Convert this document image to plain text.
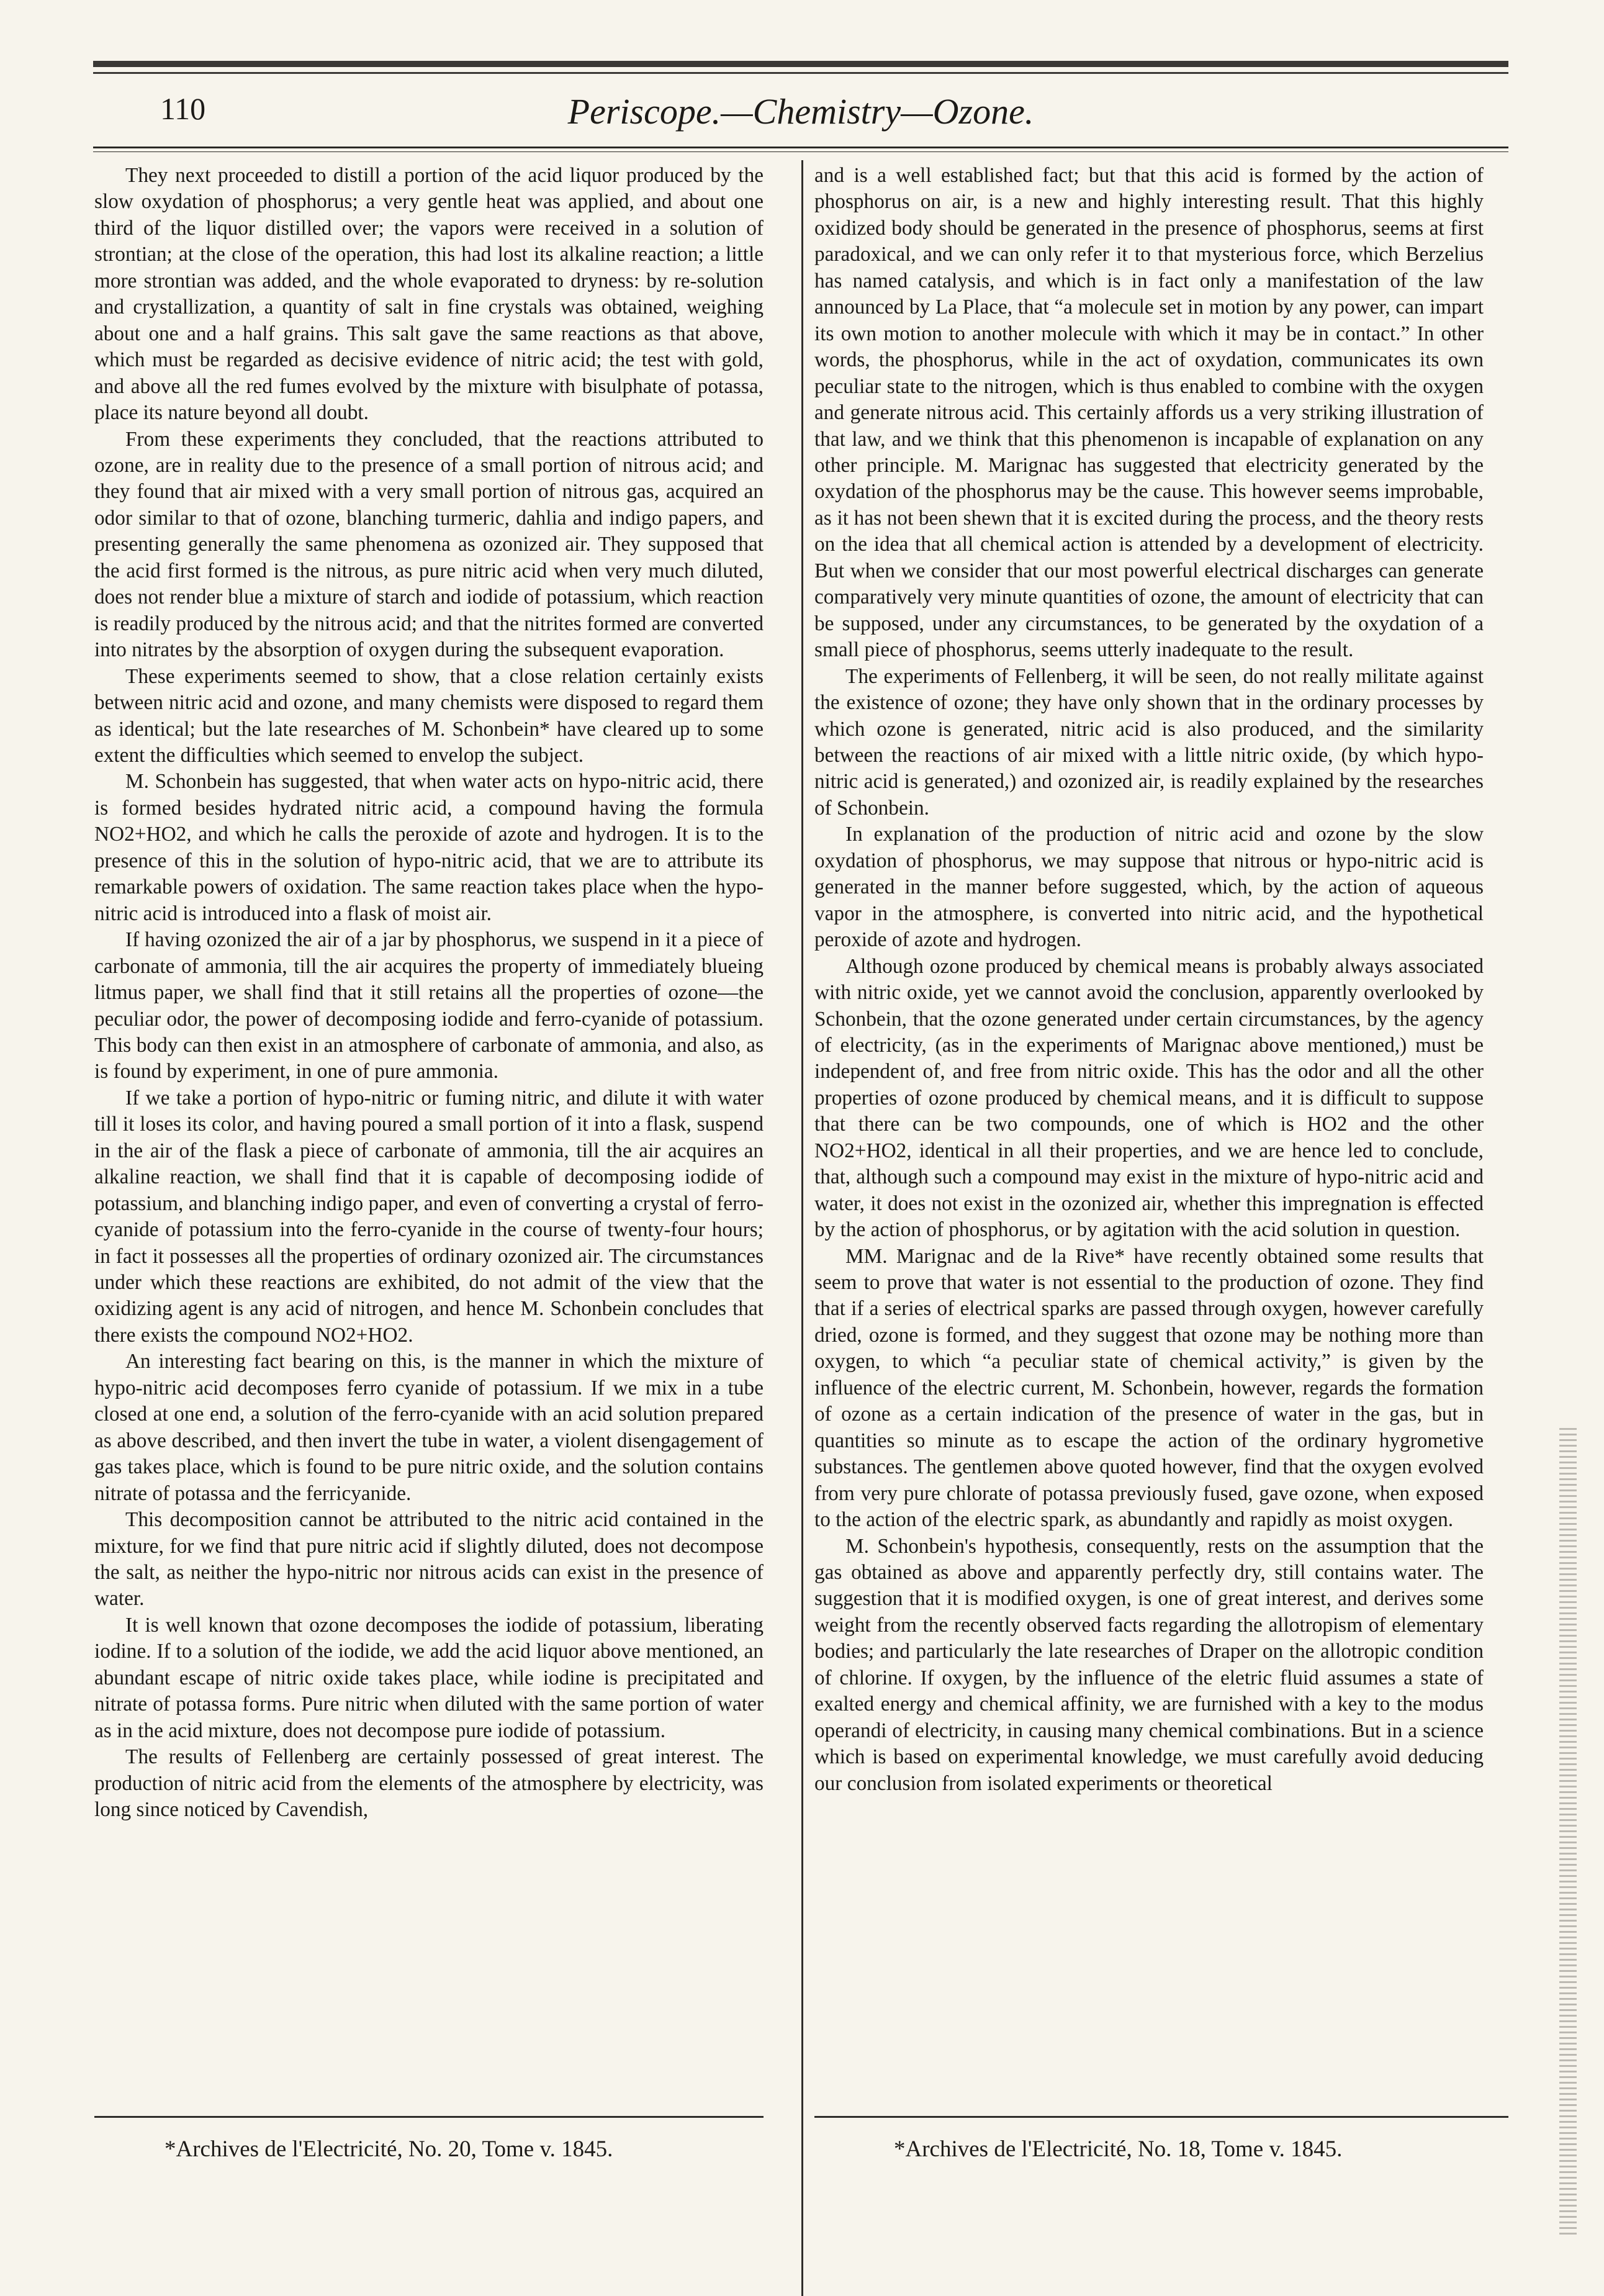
110	Periscope.—Chemistry—Ozone.

They next proceeded to distill a portion of the acid liquor produced by the slow oxydation of phosphorus; a very gentle heat was applied, and about one third of the liquor distilled over; the vapors were received in a solution of strontian; at the close of the operation, this had lost its alkaline reaction; a little more strontian was added, and the whole evaporated to dryness: by re-solution and crystallization, a quantity of salt in fine crystals was obtained, weighing about one and a half grains. This salt gave the same reactions as that above, which must be regarded as decisive evidence of nitric acid; the test with gold, and above all the red fumes evolved by the mixture with bisulphate of potassa, place its nature beyond all doubt.

From these experiments they concluded, that the reactions attributed to ozone, are in reality due to the presence of a small portion of nitrous acid; and they found that air mixed with a very small portion of nitrous gas, acquired an odor similar to that of ozone, blanching turmeric, dahlia and indigo papers, and presenting generally the same phenomena as ozonized air. They supposed that the acid first formed is the nitrous, as pure nitric acid when very much diluted, does not render blue a mixture of starch and iodide of potassium, which reaction is readily produced by the nitrous acid; and that the nitrites formed are converted into nitrates by the absorption of oxygen during the subsequent evaporation.

These experiments seemed to show, that a close relation certainly exists between nitric acid and ozone, and many chemists were disposed to regard them as identical; but the late researches of M. Schonbein* have cleared up to some extent the difficulties which seemed to envelop the subject.

M. Schonbein has suggested, that when water acts on hypo-nitric acid, there is formed besides hydrated nitric acid, a compound having the formula NO2+HO2, and which he calls the peroxide of azote and hydrogen. It is to the presence of this in the solution of hypo-nitric acid, that we are to attribute its remarkable powers of oxidation. The same reaction takes place when the hypo-nitric acid is introduced into a flask of moist air.

If having ozonized the air of a jar by phosphorus, we suspend in it a piece of carbonate of ammonia, till the air acquires the property of immediately blueing litmus paper, we shall find that it still retains all the properties of ozone—the peculiar odor, the power of decomposing iodide and ferro-cyanide of potassium. This body can then exist in an atmosphere of carbonate of ammonia, and also, as is found by experiment, in one of pure ammonia.

If we take a portion of hypo-nitric or fuming nitric, and dilute it with water till it loses its color, and having poured a small portion of it into a flask, suspend in the air of the flask a piece of carbonate of ammonia, till the air acquires an alkaline reaction, we shall find that it is capable of decomposing iodide of potassium, and blanching indigo paper, and even of converting a crystal of ferro-cyanide of potassium into the ferro-cyanide in the course of twenty-four hours; in fact it possesses all the properties of ordinary ozonized air. The circumstances under which these reactions are exhibited, do not admit of the view that the oxidizing agent is any acid of nitrogen, and hence M. Schonbein concludes that there exists the compound NO2+HO2.

An interesting fact bearing on this, is the manner in which the mixture of hypo-nitric acid decomposes ferro cyanide of potassium. If we mix in a tube closed at one end, a solution of the ferro-cyanide with an acid solution prepared as above described, and then invert the tube in water, a violent disengagement of gas takes place, which is found to be pure nitric oxide, and the solution contains nitrate of potassa and the ferricyanide.

This decomposition cannot be attributed to the nitric acid contained in the mixture, for we find that pure nitric acid if slightly diluted, does not decompose the salt, as neither the hypo-nitric nor nitrous acids can exist in the presence of water.

It is well known that ozone decomposes the iodide of potassium, liberating iodine. If to a solution of the iodide, we add the acid liquor above mentioned, an abundant escape of nitric oxide takes place, while iodine is precipitated and nitrate of potassa forms. Pure nitric when diluted with the same portion of water as in the acid mixture, does not decompose pure iodide of potassium.

The results of Fellenberg are certainly possessed of great interest. The production of nitric acid from the elements of the atmosphere by electricity, was long since noticed by Cavendish,

and is a well established fact; but that this acid is formed by the action of phosphorus on air, is a new and highly interesting result. That this highly oxidized body should be generated in the presence of phosphorus, seems at first paradoxical, and we can only refer it to that mysterious force, which Berzelius has named catalysis, and which is in fact only a manifestation of the law announced by La Place, that “a molecule set in motion by any power, can impart its own motion to another molecule with which it may be in contact.” In other words, the phosphorus, while in the act of oxydation, communicates its own peculiar state to the nitrogen, which is thus enabled to combine with the oxygen and generate nitrous acid. This certainly affords us a very striking illustration of that law, and we think that this phenomenon is incapable of explanation on any other principle. M. Marignac has suggested that electricity generated by the oxydation of the phosphorus may be the cause. This however seems improbable, as it has not been shewn that it is excited during the process, and the theory rests on the idea that all chemical action is attended by a development of electricity. But when we consider that our most powerful electrical discharges can generate comparatively very minute quantities of ozone, the amount of electricity that can be supposed, under any circumstances, to be generated by the oxydation of a small piece of phosphorus, seems utterly inadequate to the result.

The experiments of Fellenberg, it will be seen, do not really militate against the existence of ozone; they have only shown that in the ordinary processes by which ozone is generated, nitric acid is also produced, and the similarity between the reactions of air mixed with a little nitric oxide, (by which hypo-nitric acid is generated,) and ozonized air, is readily explained by the researches of Schonbein.

In explanation of the production of nitric acid and ozone by the slow oxydation of phosphorus, we may suppose that nitrous or hypo-nitric acid is generated in the manner before suggested, which, by the action of aqueous vapor in the atmosphere, is converted into nitric acid, and the hypothetical peroxide of azote and hydrogen.

Although ozone produced by chemical means is probably always associated with nitric oxide, yet we cannot avoid the conclusion, apparently overlooked by Schonbein, that the ozone generated under certain circumstances, by the agency of electricity, (as in the experiments of Marignac above mentioned,) must be independent of, and free from nitric oxide. This has the odor and all the other properties of ozone produced by chemical means, and it is difficult to suppose that there can be two compounds, one of which is HO2 and the other NO2+HO2, identical in all their properties, and we are hence led to conclude, that, although such a compound may exist in the mixture of hypo-nitric acid and water, it does not exist in the ozonized air, whether this impregnation is effected by the action of phosphorus, or by agitation with the acid solution in question.

MM. Marignac and de la Rive* have recently obtained some results that seem to prove that water is not essential to the production of ozone. They find that if a series of electrical sparks are passed through oxygen, however carefully dried, ozone is formed, and they suggest that ozone may be nothing more than oxygen, to which “a peculiar state of chemical activity,” is given by the influence of the electric current, M. Schonbein, however, regards the formation of ozone as a certain indication of the presence of water in the gas, but in quantities so minute as to escape the action of the ordinary hygrometive substances. The gentlemen above quoted however, find that the oxygen evolved from very pure chlorate of potassa previously fused, gave ozone, when exposed to the action of the electric spark, as abundantly and rapidly as moist oxygen.

M. Schonbein's hypothesis, consequently, rests on the assumption that the gas obtained as above and apparently perfectly dry, still contains water. The suggestion that it is modified oxygen, is one of great interest, and derives some weight from the recently observed facts regarding the allotropism of elementary bodies; and particularly the late researches of Draper on the allotropic condition of chlorine. If oxygen, by the influence of the eletric fluid assumes a state of exalted energy and chemical affinity, we are furnished with a key to the modus operandi of electricity, in causing many chemical combinations. But in a science which is based on experimental knowledge, we must carefully avoid deducing our conclusion from isolated experiments or theoretical

*Archives de l'Electricité, No. 20, Tome v. 1845.	*Archives de l'Electricité, No. 18, Tome v. 1845.
